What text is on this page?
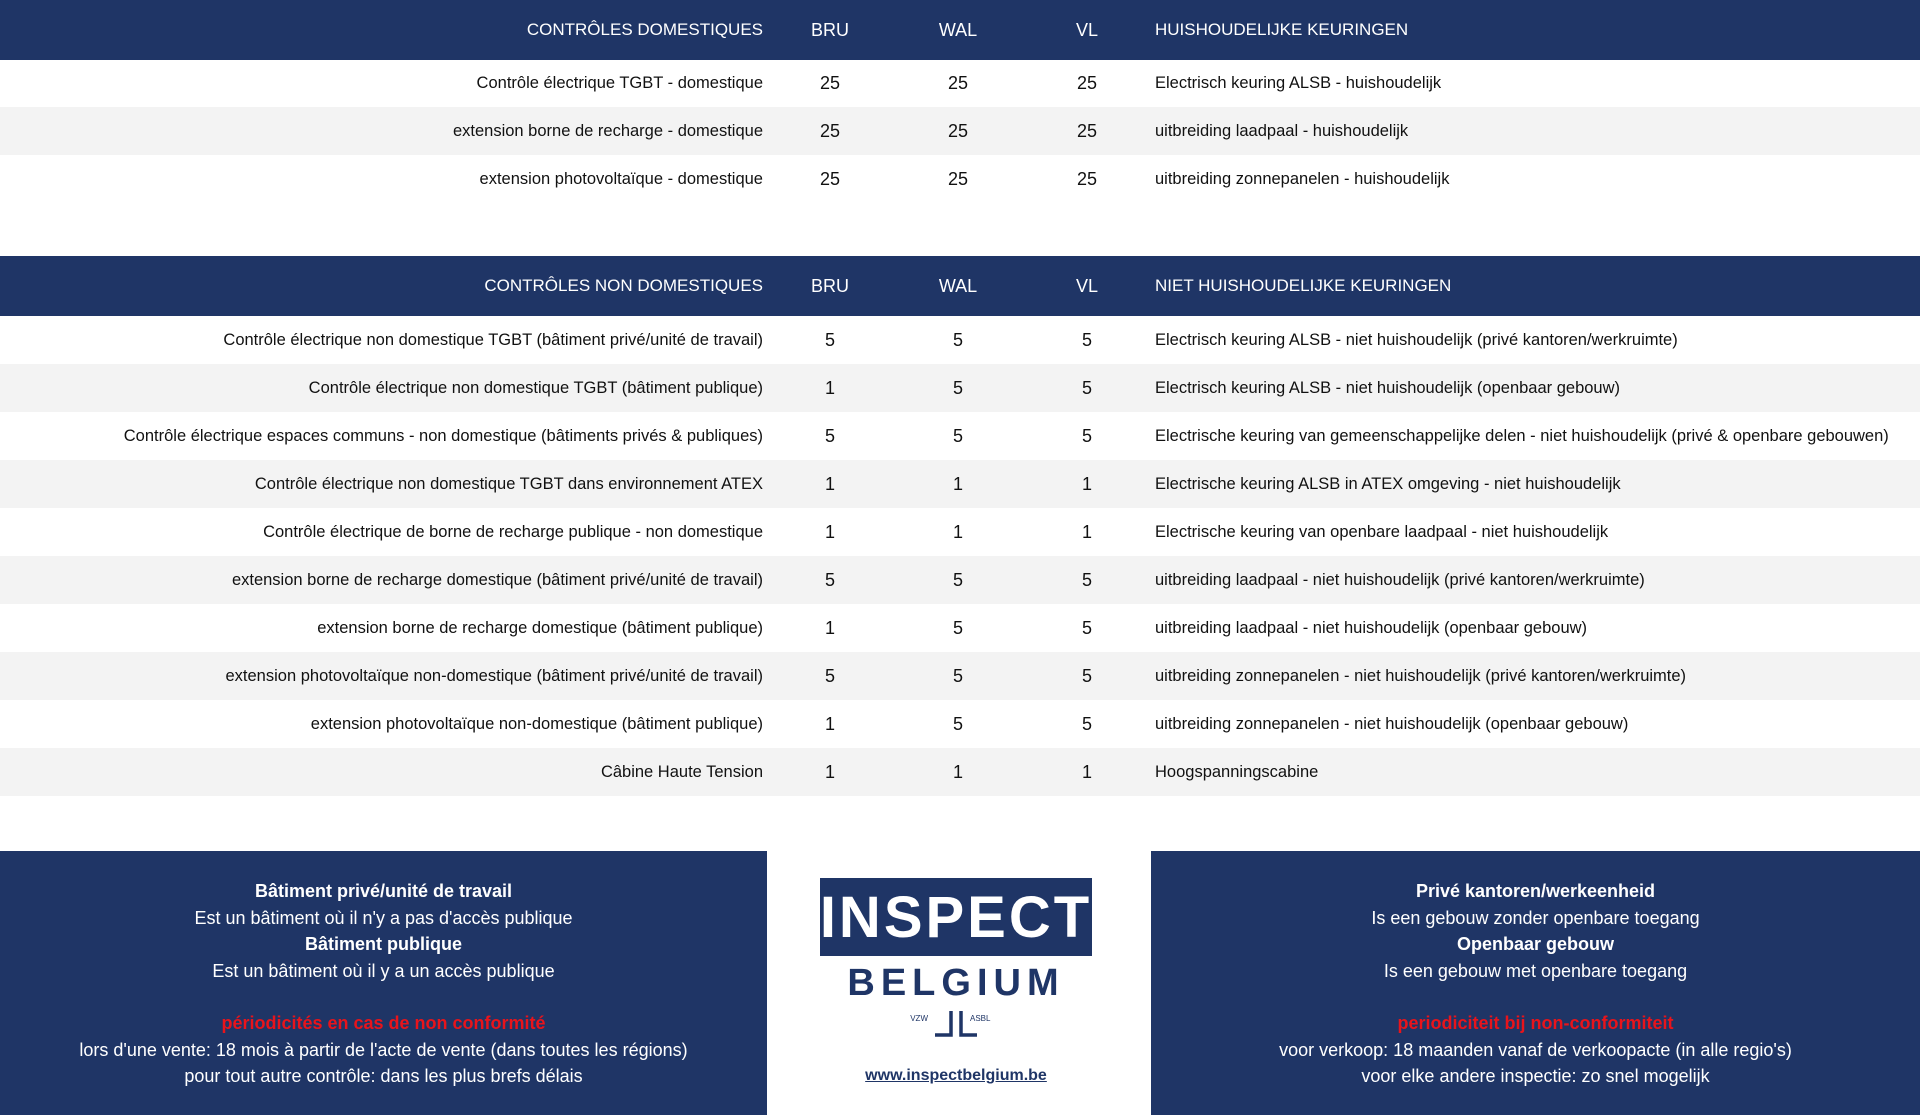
CONTRÔLES DOMESTIQUES	BRU	WAL	VL	HUISHOUDELIJKE KEURINGEN
Contrôle électrique TGBT - domestique	25	25	25	Electrisch keuring ALSB - huishoudelijk
extension borne de recharge - domestique	25	25	25	uitbreiding laadpaal - huishoudelijk
extension photovoltaïque - domestique	25	25	25	uitbreiding zonnepanelen - huishoudelijk
CONTRÔLES NON DOMESTIQUES	BRU	WAL	VL	NIET HUISHOUDELIJKE KEURINGEN
Contrôle électrique non domestique TGBT (bâtiment privé/unité de travail)	5	5	5	Electrisch keuring ALSB - niet huishoudelijk (privé kantoren/werkruimte)
Contrôle électrique non domestique TGBT (bâtiment publique)	1	5	5	Electrisch keuring ALSB - niet huishoudelijk (openbaar gebouw)
Contrôle électrique espaces communs - non domestique (bâtiments privés & publiques)	5	5	5	Electrische keuring van gemeenschappelijke delen - niet huishoudelijk (privé & openbare gebouwen)
Contrôle électrique non domestique TGBT dans environnement ATEX	1	1	1	Electrische keuring ALSB in ATEX omgeving - niet huishoudelijk
Contrôle électrique de borne de recharge publique - non domestique	1	1	1	Electrische keuring van openbare laadpaal - niet huishoudelijk
extension borne de recharge domestique (bâtiment privé/unité de travail)	5	5	5	uitbreiding laadpaal - niet huishoudelijk (privé kantoren/werkruimte)
extension borne de recharge domestique (bâtiment publique)	1	5	5	uitbreiding laadpaal - niet huishoudelijk (openbaar gebouw)
extension photovoltaïque non-domestique (bâtiment privé/unité de travail)	5	5	5	uitbreiding zonnepanelen - niet huishoudelijk (privé kantoren/werkruimte)
extension photovoltaïque non-domestique (bâtiment publique)	1	5	5	uitbreiding zonnepanelen - niet huishoudelijk (openbaar gebouw)
Câbine Haute Tension	1	1	1	Hoogspanningscabine
Bâtiment privé/unité de travail
Est un bâtiment où il n'y a pas d'accès publique
Bâtiment publique
Est un bâtiment où il y a un accès publique
périodicités en cas de non conformité
lors d'une vente: 18 mois à partir de l'acte de vente (dans toutes les régions)
pour tout autre contrôle: dans les plus brefs délais
INSPECT
BELGIUM
VZW	ASBL
www.inspectbelgium.be
Privé kantoren/werkeenheid
Is een gebouw zonder openbare toegang
Openbaar gebouw
Is een gebouw met openbare toegang
periodiciteit bij non-conformiteit
voor verkoop: 18 maanden vanaf de verkoopacte (in alle regio's)
voor elke andere inspectie: zo snel mogelijk
